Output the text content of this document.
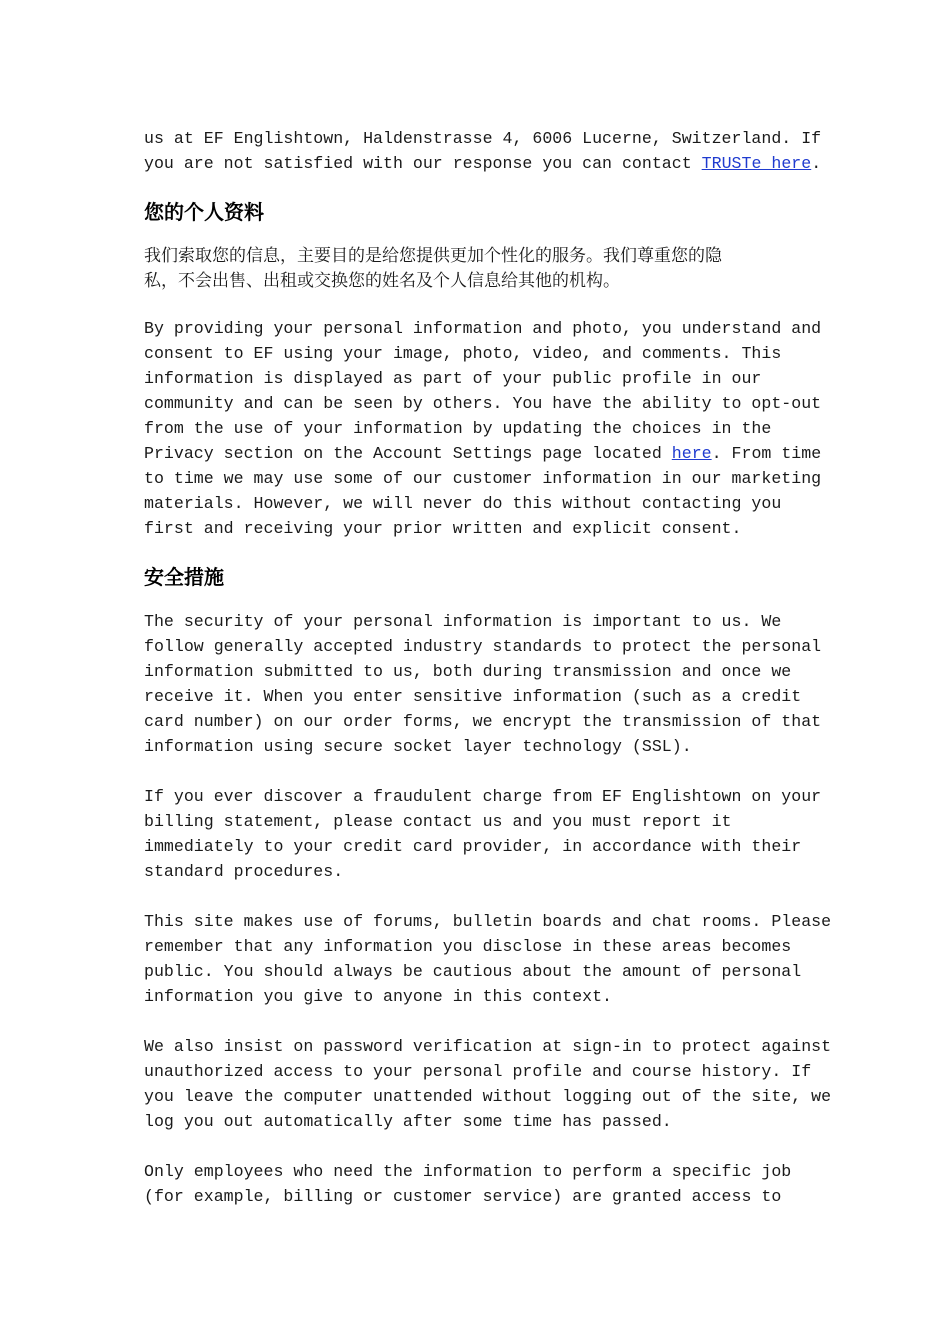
us at EF Englishtown, Haldenstrasse 4, 6006 Lucerne, Switzerland. If

you are not satisfied with our response you can contact TRUSTe here.

您的个人资料

我们索取您的信息，主要目的是给您提供更加个性化的服务。我们尊重您的隐

私，不会出售、出租或交换您的姓名及个人信息给其他的机构。

By providing your personal information and photo, you understand and

consent to EF using your image, photo, video, and comments. This

information is displayed as part of your public profile in our

community and can be seen by others. You have the ability to opt-out

from the use of your information by updating the choices in the

Privacy section on the Account Settings page located here. From time

to time we may use some of our customer information in our marketing

materials. However, we will never do this without contacting you

first and receiving your prior written and explicit consent.

安全措施

The security of your personal information is important to us. We

follow generally accepted industry standards to protect the personal

information submitted to us, both during transmission and once we

receive it. When you enter sensitive information (such as a credit

card number) on our order forms, we encrypt the transmission of that

information using secure socket layer technology (SSL).

If you ever discover a fraudulent charge from EF Englishtown on your

billing statement, please contact us and you must report it

immediately to your credit card provider, in accordance with their

standard procedures.

This site makes use of forums, bulletin boards and chat rooms. Please

remember that any information you disclose in these areas becomes

public. You should always be cautious about the amount of personal

information you give to anyone in this context.

We also insist on password verification at sign-in to protect against

unauthorized access to your personal profile and course history. If

you leave the computer unattended without logging out of the site, we

log you out automatically after some time has passed.

Only employees who need the information to perform a specific job

(for example, billing or customer service) are granted access to
